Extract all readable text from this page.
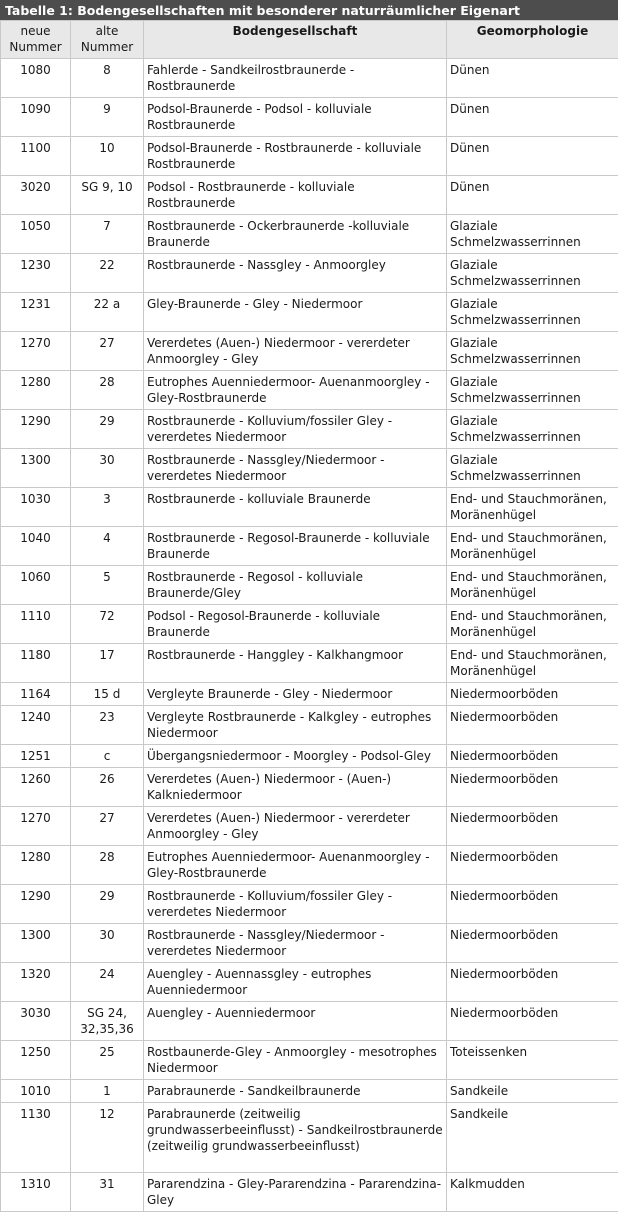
Tabelle 1: Bodengesellschaften mit besonderer naturräumlicher Eigenart
neue Nummer	alte Nummer	Bodengesellschaft	Geomorphologie
1080	8	Fahlerde - Sandkeilrostbraunerde - Rostbraunerde	Dünen
1090	9	Podsol-Braunerde - Podsol - kolluviale Rostbraunerde	Dünen
1100	10	Podsol-Braunerde - Rostbraunerde - kolluviale Rostbraunerde	Dünen
3020	SG 9, 10	Podsol - Rostbraunerde - kolluviale Rostbraunerde	Dünen
1050	7	Rostbraunerde - Ockerbraunerde -kolluviale Braunerde	Glaziale Schmelzwasserrinnen
1230	22	Rostbraunerde - Nassgley - Anmoorgley	Glaziale Schmelzwasserrinnen
1231	22 a	Gley-Braunerde - Gley - Niedermoor	Glaziale Schmelzwasserrinnen
1270	27	Vererdetes (Auen-) Niedermoor - vererdeter Anmoorgley - Gley	Glaziale Schmelzwasserrinnen
1280	28	Eutrophes Auenniedermoor- Auenanmoorgley - Gley-Rostbraunerde	Glaziale Schmelzwasserrinnen
1290	29	Rostbraunerde - Kolluvium/fossiler Gley - vererdetes Niedermoor	Glaziale Schmelzwasserrinnen
1300	30	Rostbraunerde - Nassgley/Niedermoor - vererdetes Niedermoor	Glaziale Schmelzwasserrinnen
1030	3	Rostbraunerde - kolluviale Braunerde	End- und Stauchmoränen, Moränenhügel
1040	4	Rostbraunerde - Regosol-Braunerde - kolluviale Braunerde	End- und Stauchmoränen, Moränenhügel
1060	5	Rostbraunerde - Regosol - kolluviale Braunerde/Gley	End- und Stauchmoränen, Moränenhügel
1110	72	Podsol - Regosol-Braunerde - kolluviale Braunerde	End- und Stauchmoränen, Moränenhügel
1180	17	Rostbraunerde - Hanggley - Kalkhangmoor	End- und Stauchmoränen, Moränenhügel
1164	15 d	Vergleyte Braunerde - Gley - Niedermoor	Niedermoorböden
1240	23	Vergleyte Rostbraunerde - Kalkgley - eutrophes Niedermoor	Niedermoorböden
1251	c	Übergangsniedermoor - Moorgley - Podsol-Gley	Niedermoorböden
1260	26	Vererdetes (Auen-) Niedermoor - (Auen-) Kalkniedermoor	Niedermoorböden
1270	27	Vererdetes (Auen-) Niedermoor - vererdeter Anmoorgley - Gley	Niedermoorböden
1280	28	Eutrophes Auenniedermoor- Auenanmoorgley - Gley-Rostbraunerde	Niedermoorböden
1290	29	Rostbraunerde - Kolluvium/fossiler Gley - vererdetes Niedermoor	Niedermoorböden
1300	30	Rostbraunerde - Nassgley/Niedermoor - vererdetes Niedermoor	Niedermoorböden
1320	24	Auengley - Auennassgley - eutrophes Auenniedermoor	Niedermoorböden
3030	SG 24, 32,35,36	Auengley - Auenniedermoor	Niedermoorböden
1250	25	Rostbaunerde-Gley - Anmoorgley - mesotrophes Niedermoor	Toteissenken
1010	1	Parabraunerde - Sandkeilbraunerde	Sandkeile
1130	12	Parabraunerde (zeitweilig grundwasserbeeinflusst) - Sandkeilrostbraunerde (zeitweilig grundwasserbeeinflusst)	Sandkeile
1310	31	Pararendzina - Gley-Pararendzina - Pararendzina-Gley	Kalkmudden
